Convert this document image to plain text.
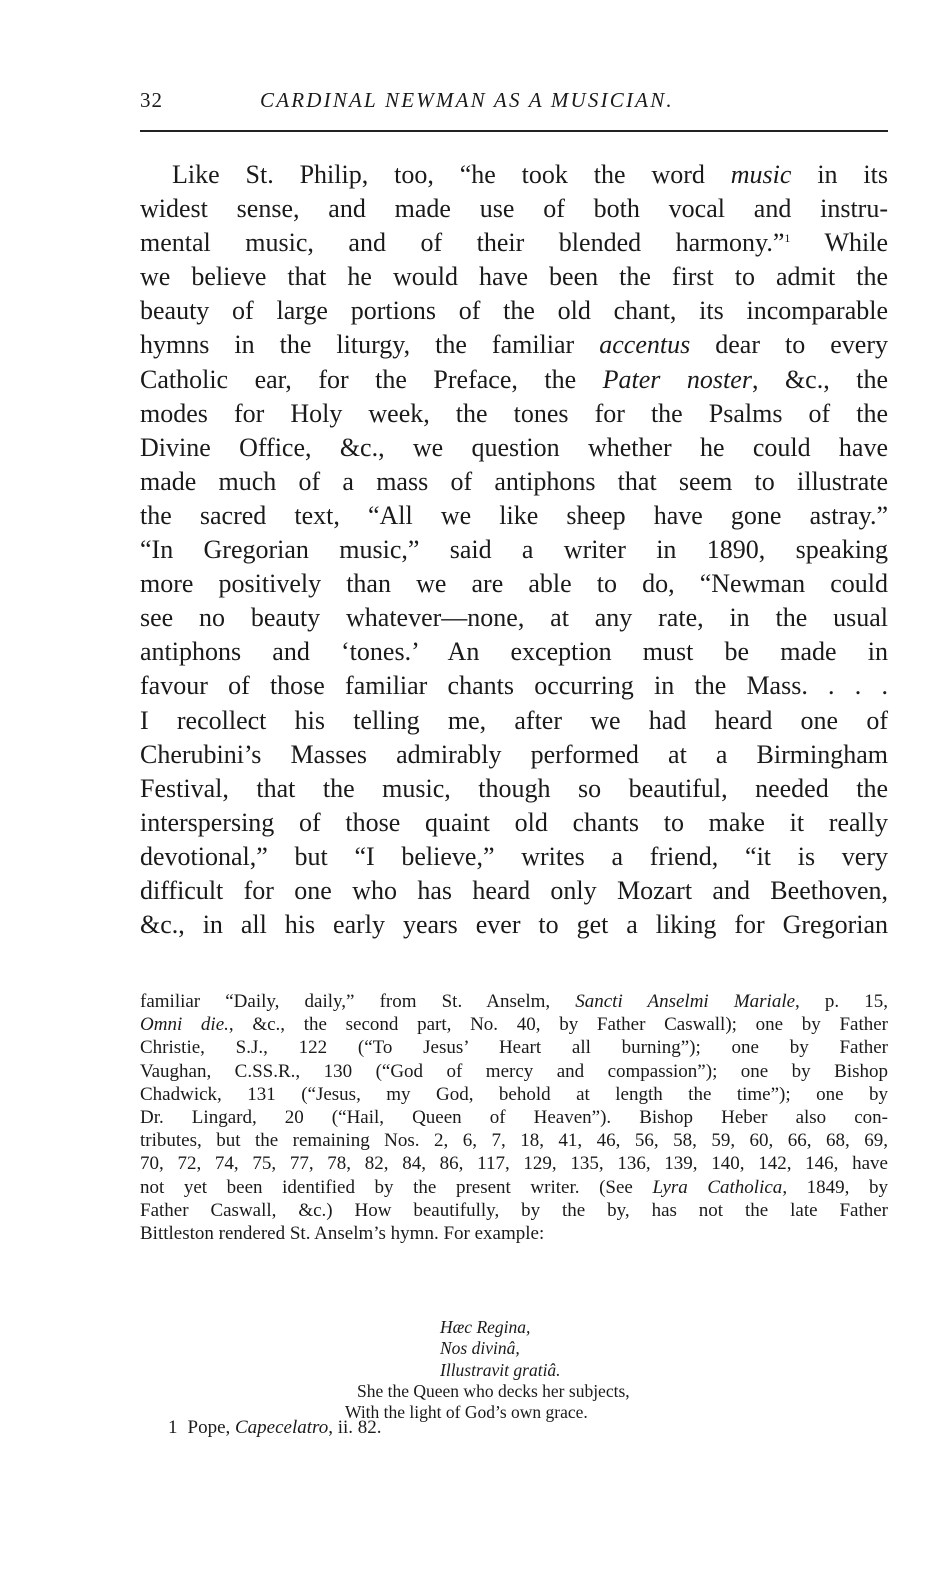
32	CARDINAL NEWMAN AS A MUSICIAN.
Like St. Philip, too, “he took the word music in its
widest sense, and made use of both vocal and instru-
mental music, and of their blended harmony.”$^1$ While
we believe that he would have been the first to admit the
beauty of large portions of the old chant, its incomparable
hymns in the liturgy, the familiar accentus dear to every
Catholic ear, for the Preface, the Pater noster, &c., the
modes for Holy week, the tones for the Psalms of the
Divine Office, &c., we question whether he could have
made much of a mass of antiphons that seem to illustrate
the sacred text, “All we like sheep have gone astray.”
“In Gregorian music,” said a writer in 1890, speaking
more positively than we are able to do, “Newman could
see no beauty whatever—none, at any rate, in the usual
antiphons and ‘tones.’ An exception must be made in
favour of those familiar chants occurring in the Mass. . . .
I recollect his telling me, after we had heard one of
Cherubini’s Masses admirably performed at a Birmingham
Festival, that the music, though so beautiful, needed the
interspersing of those quaint old chants to make it really
devotional,” but “I believe,” writes a friend, “it is very
difficult for one who has heard only Mozart and Beethoven,
&c., in all his early years ever to get a liking for Gregorian
familiar “Daily, daily,” from St. Anselm, Sancti Anselmi Mariale, p. 15,
Omni die., &c., the second part, No. 40, by Father Caswall); one by Father
Christie, S.J., 122 (“To Jesus’ Heart all burning”); one by Father
Vaughan, C.SS.R., 130 (“God of mercy and compassion”); one by Bishop
Chadwick, 131 (“Jesus, my God, behold at length the time”); one by
Dr. Lingard, 20 (“Hail, Queen of Heaven”). Bishop Heber also con-
tributes, but the remaining Nos. 2, 6, 7, 18, 41, 46, 56, 58, 59, 60, 66, 68, 69,
70, 72, 74, 75, 77, 78, 82, 84, 86, 117, 129, 135, 136, 139, 140, 142, 146, have
not yet been identified by the present writer. (See Lyra Catholica, 1849, by
Father Caswall, &c.) How beautifully, by the by, has not the late Father
Bittleston rendered St. Anselm’s hymn. For example:
Hæc Regina,
Nos divinâ,
Illustravit gratiâ.
She the Queen who decks her subjects,
With the light of God’s own grace.
1 Pope, Capecelatro, ii. 82.
